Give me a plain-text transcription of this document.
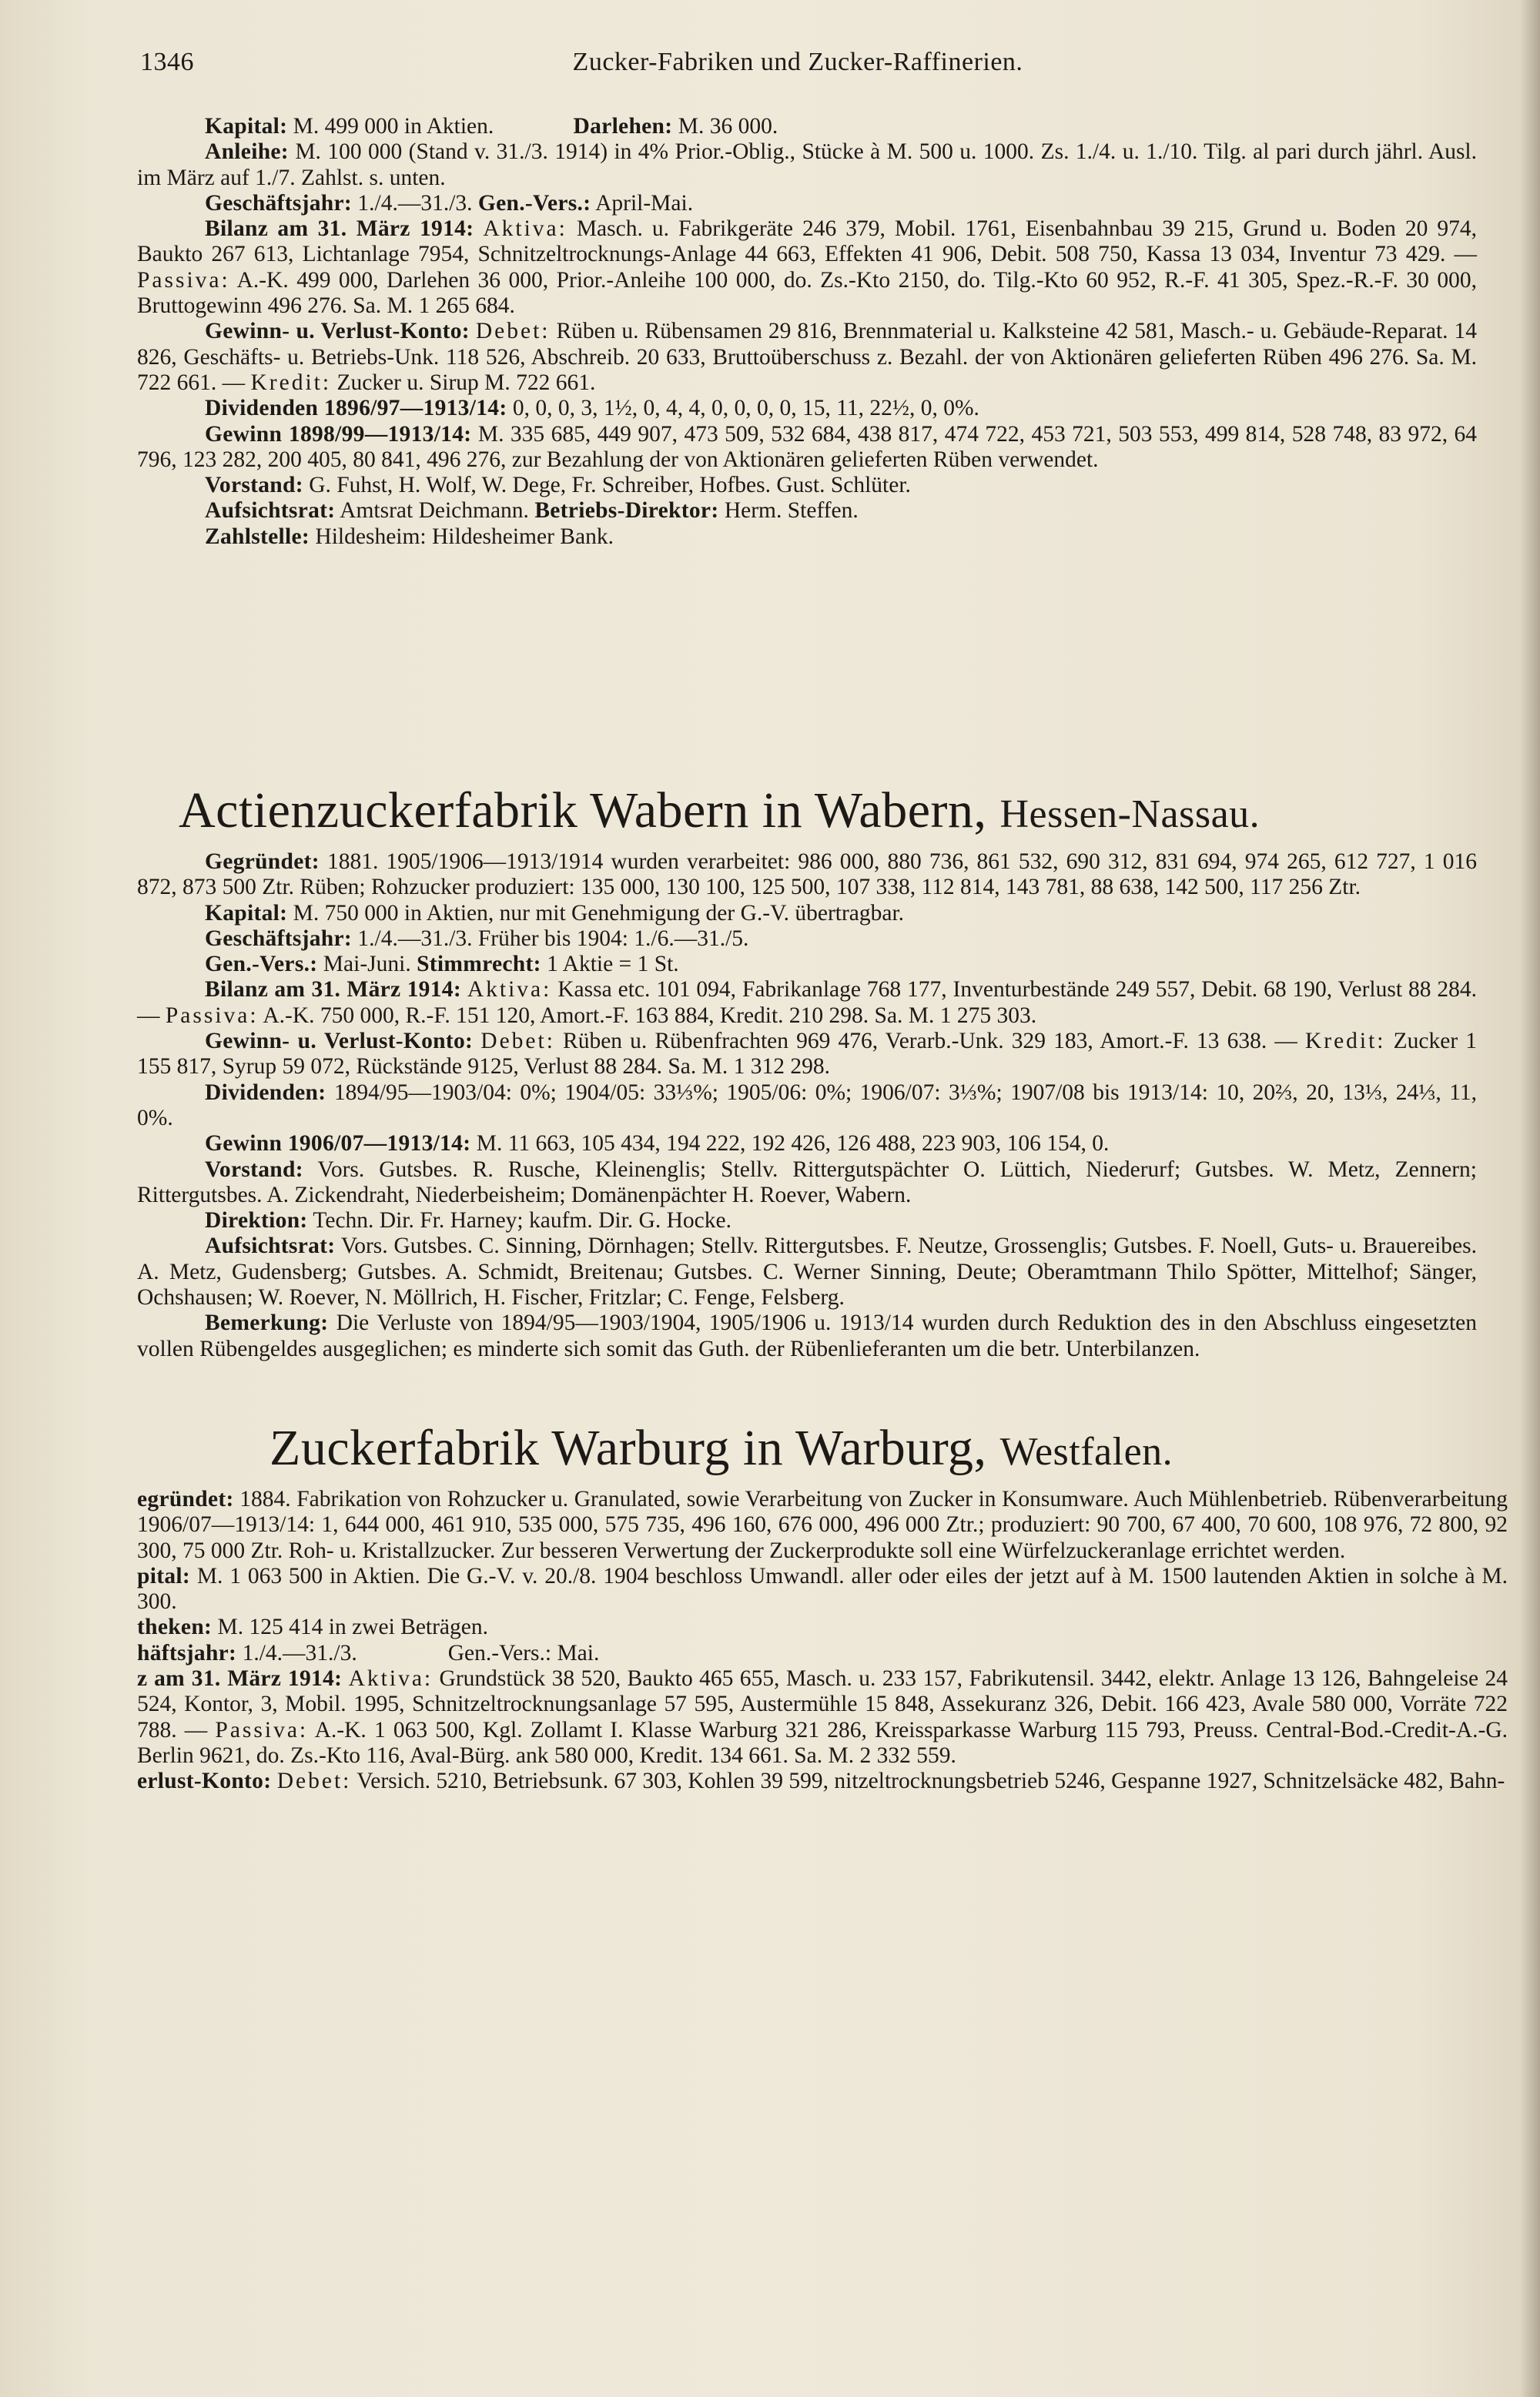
1346	Zucker-Fabriken und Zucker-Raffinerien.

Kapital: M. 499 000 in Aktien.	Darlehen: M. 36 000.

Anleihe: M. 100 000 (Stand v. 31./3. 1914) in 4% Prior.-Oblig., Stücke à M. 500 u. 1000. Zs. 1./4. u. 1./10. Tilg. al pari durch jährl. Ausl. im März auf 1./7. Zahlst. s. unten.

Geschäftsjahr: 1./4.—31./3. Gen.-Vers.: April-Mai.

Bilanz am 31. März 1914: Aktiva: Masch. u. Fabrikgeräte 246 379, Mobil. 1761, Eisenbahnbau 39 215, Grund u. Boden 20 974, Baukto 267 613, Lichtanlage 7954, Schnitzeltrocknungs-Anlage 44 663, Effekten 41 906, Debit. 508 750, Kassa 13 034, Inventur 73 429. — Passiva: A.-K. 499 000, Darlehen 36 000, Prior.-Anleihe 100 000, do. Zs.-Kto 2150, do. Tilg.-Kto 60 952, R.-F. 41 305, Spez.-R.-F. 30 000, Bruttogewinn 496 276. Sa. M. 1 265 684.

Gewinn- u. Verlust-Konto: Debet: Rüben u. Rübensamen 29 816, Brennmaterial u. Kalksteine 42 581, Masch.- u. Gebäude-Reparat. 14 826, Geschäfts- u. Betriebs-Unk. 118 526, Abschreib. 20 633, Bruttoüberschuss z. Bezahl. der von Aktionären gelieferten Rüben 496 276. Sa. M. 722 661. — Kredit: Zucker u. Sirup M. 722 661.

Dividenden 1896/97—1913/14: 0, 0, 0, 3, 1½, 0, 4, 4, 0, 0, 0, 0, 15, 11, 22½, 0, 0%.

Gewinn 1898/99—1913/14: M. 335 685, 449 907, 473 509, 532 684, 438 817, 474 722, 453 721, 503 553, 499 814, 528 748, 83 972, 64 796, 123 282, 200 405, 80 841, 496 276, zur Bezahlung der von Aktionären gelieferten Rüben verwendet.

Vorstand: G. Fuhst, H. Wolf, W. Dege, Fr. Schreiber, Hofbes. Gust. Schlüter.

Aufsichtsrat: Amtsrat Deichmann. Betriebs-Direktor: Herm. Steffen.

Zahlstelle: Hildesheim: Hildesheimer Bank.

Actienzuckerfabrik Wabern in Wabern, Hessen-Nassau.

Gegründet: 1881. 1905/1906—1913/1914 wurden verarbeitet: 986 000, 880 736, 861 532, 690 312, 831 694, 974 265, 612 727, 1 016 872, 873 500 Ztr. Rüben; Rohzucker produziert: 135 000, 130 100, 125 500, 107 338, 112 814, 143 781, 88 638, 142 500, 117 256 Ztr.

Kapital: M. 750 000 in Aktien, nur mit Genehmigung der G.-V. übertragbar.

Geschäftsjahr: 1./4.—31./3. Früher bis 1904: 1./6.—31./5.

Gen.-Vers.: Mai-Juni. Stimmrecht: 1 Aktie = 1 St.

Bilanz am 31. März 1914: Aktiva: Kassa etc. 101 094, Fabrikanlage 768 177, Inventurbestände 249 557, Debit. 68 190, Verlust 88 284. — Passiva: A.-K. 750 000, R.-F. 151 120, Amort.-F. 163 884, Kredit. 210 298. Sa. M. 1 275 303.

Gewinn- u. Verlust-Konto: Debet: Rüben u. Rübenfrachten 969 476, Verarb.-Unk. 329 183, Amort.-F. 13 638. — Kredit: Zucker 1 155 817, Syrup 59 072, Rückstände 9125, Verlust 88 284. Sa. M. 1 312 298.

Dividenden: 1894/95—1903/04: 0%; 1904/05: 33⅓%; 1905/06: 0%; 1906/07: 3⅓%; 1907/08 bis 1913/14: 10, 20⅔, 20, 13⅓, 24⅓, 11, 0%.

Gewinn 1906/07—1913/14: M. 11 663, 105 434, 194 222, 192 426, 126 488, 223 903, 106 154, 0.

Vorstand: Vors. Gutsbes. R. Rusche, Kleinenglis; Stellv. Rittergutspächter O. Lüttich, Niederurf; Gutsbes. W. Metz, Zennern; Rittergutsbes. A. Zickendraht, Niederbeisheim; Domänenpächter H. Roever, Wabern.

Direktion: Techn. Dir. Fr. Harney; kaufm. Dir. G. Hocke.

Aufsichtsrat: Vors. Gutsbes. C. Sinning, Dörnhagen; Stellv. Rittergutsbes. F. Neutze, Grossenglis; Gutsbes. F. Noell, Guts- u. Brauereibes. A. Metz, Gudensberg; Gutsbes. A. Schmidt, Breitenau; Gutsbes. C. Werner Sinning, Deute; Oberamtmann Thilo Spötter, Mittelhof; Sänger, Ochshausen; W. Roever, N. Möllrich, H. Fischer, Fritzlar; C. Fenge, Felsberg.

Bemerkung: Die Verluste von 1894/95—1903/1904, 1905/1906 u. 1913/14 wurden durch Reduktion des in den Abschluss eingesetzten vollen Rübengeldes ausgeglichen; es minderte sich somit das Guth. der Rübenlieferanten um die betr. Unterbilanzen.

Zuckerfabrik Warburg in Warburg, Westfalen.

egründet: 1884. Fabrikation von Rohzucker u. Granulated, sowie Verarbeitung von Zucker in Konsumware. Auch Mühlenbetrieb. Rübenverarbeitung 1906/07—1913/14: 1, 644 000, 461 910, 535 000, 575 735, 496 160, 676 000, 496 000 Ztr.; produziert: 90 700, 67 400, 70 600, 108 976, 72 800, 92 300, 75 000 Ztr. Roh- u. Kristallzucker. Zur besseren Verwertung der Zuckerprodukte soll eine Würfelzuckeranlage errichtet werden.

pital: M. 1 063 500 in Aktien. Die G.-V. v. 20./8. 1904 beschloss Umwandl. aller oder eiles der jetzt auf à M. 1500 lautenden Aktien in solche à M. 300.

theken: M. 125 414 in zwei Beträgen.

häftsjahr: 1./4.—31./3.	Gen.-Vers.: Mai.

z am 31. März 1914: Aktiva: Grundstück 38 520, Baukto 465 655, Masch. u. 233 157, Fabrikutensil. 3442, elektr. Anlage 13 126, Bahngeleise 24 524, Kontor, 3, Mobil. 1995, Schnitzeltrocknungsanlage 57 595, Austermühle 15 848, Assekuranz 326, Debit. 166 423, Avale 580 000, Vorräte 722 788. — Passiva: A.-K. 1 063 500, Kgl. Zollamt I. Klasse Warburg 321 286, Kreissparkasse Warburg 115 793, Preuss. Central-Bod.-Credit-A.-G. Berlin 9621, do. Zs.-Kto 116, Aval-Bürg. ank 580 000, Kredit. 134 661. Sa. M. 2 332 559.

erlust-Konto: Debet: Versich. 5210, Betriebsunk. 67 303, Kohlen 39 599, nitzeltrocknungsbetrieb 5246, Gespanne 1927, Schnitzelsäcke 482, Bahn-
